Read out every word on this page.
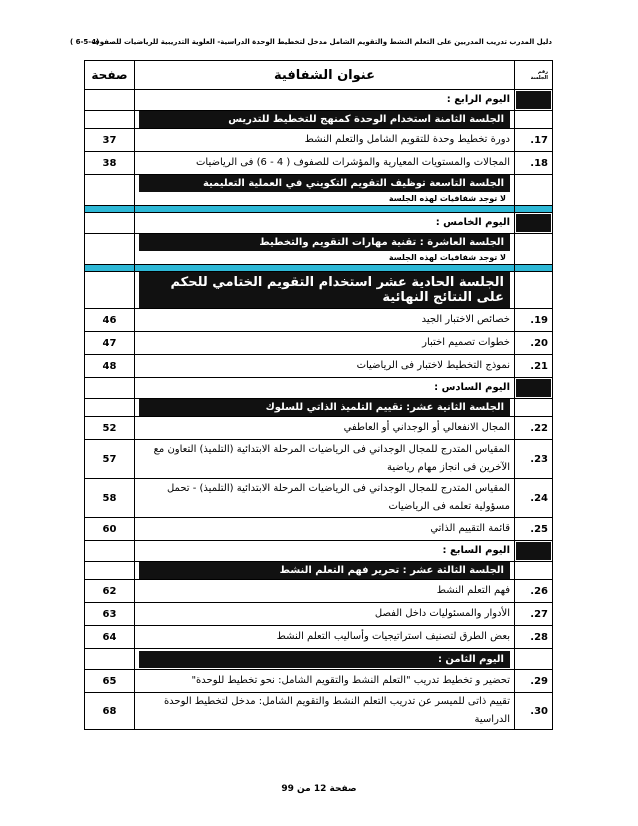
( 6-5-4)
دليل المدرب تدريب المدربين على التعلم النشط والتقويم الشامل مدخل لتخطيط الوحدة الدراسية- العلوية التدريبية للرياضيات للصفوف
رقم الجلسة	عنوان الشفافية	صفحة

	اليوم الرابع :	

	الجلسة الثامنة استخدام الوحدة كمنهج للتخطيط للتدريس	

17.	دورة تخطيط وحدة للتقويم الشامل والتعلم النشط	37
18.	المجالات والمستويات المعيارية والمؤشرات للصفوف ( 4 - 6) فى الرياضيات	38

	الجلسة التاسعة توظيف التقويم التكويني في العملية التعليمية
لا توجد شفافيات لهذه الجلسة	

	اليوم الخامس :	

	الجلسة العاشرة : تقنية مهارات التقويم والتخطيط
لا توجد شفافيات لهذه الجلسة	

	الجلسة الحادية عشر استخدام التقويم الختامي للحكم على النتائج النهائية	

19.	خصائص الاختبار الجيد	46
20.	خطوات تصميم اختبار	47
21.	نموذج التخطيط لاختبار فى الرياضيات	48

	اليوم السادس :	

	الجلسة الثانية عشر: تقييم التلميذ الذاتي للسلوك	

22.	المجال الانفعالي أو الوجداني أو العاطفي	52
23.	المقياس المتدرج للمجال الوجداني فى الرياضيات المرحلة الابتدائية (التلميذ) التعاون مع الآخرين فى انجاز مهام رياضية	57
24.	المقياس المتدرج للمجال الوجداني فى الرياضيات المرحلة الابتدائية (التلميذ) - تحمل مسؤولية تعلمه فى الرياضيات	58
25.	قائمة التقييم الذاتي	60

	اليوم السابع :	

	الجلسة الثالثة عشر : تحرير فهم التعلم النشط	

26.	فهم التعلم النشط	62
27.	الأدوار والمسئوليات داخل الفصل	63
28.	بعض الطرق لتصنيف استراتيجيات وأساليب التعلم النشط	64

	اليوم الثامن :	

29.	تحضير و تخطيط تدريب "التعلم النشط والتقويم الشامل: نحو تخطيط للوحدة"	65
30.	تقييم ذاتى للميسر عن تدريب التعلم النشط والتقويم الشامل: مدخل لتخطيط الوحدة الدراسية	68
صفحة 12 من 99
